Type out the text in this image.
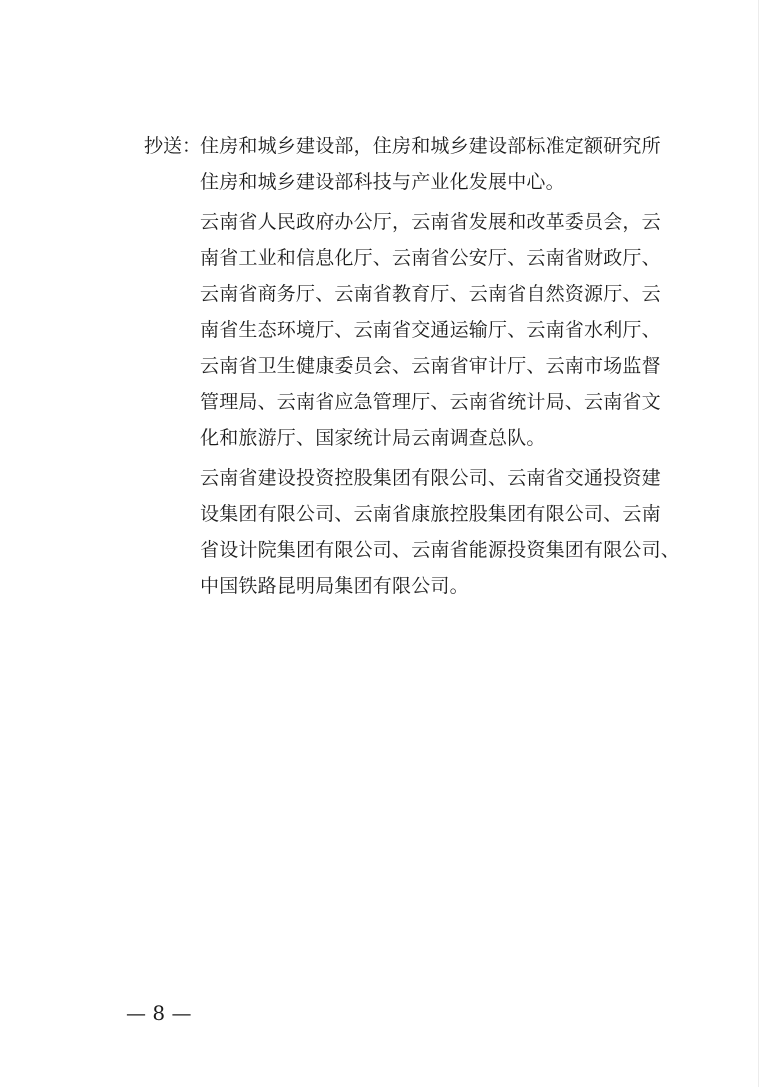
抄送：
住房和城乡建设部，住房和城乡建设部标准定额研究所
住房和城乡建设部科技与产业化发展中心。
云南省人民政府办公厅，云南省发展和改革委员会，云
南省工业和信息化厅、云南省公安厅、云南省财政厅、
云南省商务厅、云南省教育厅、云南省自然资源厅、云
南省生态环境厅、云南省交通运输厅、云南省水利厅、
云南省卫生健康委员会、云南省审计厅、云南市场监督
管理局、云南省应急管理厅、云南省统计局、云南省文
化和旅游厅、国家统计局云南调查总队。
云南省建设投资控股集团有限公司、云南省交通投资建
设集团有限公司、云南省康旅控股集团有限公司、云南
省设计院集团有限公司、云南省能源投资集团有限公司、
中国铁路昆明局集团有限公司。
— 8 —
